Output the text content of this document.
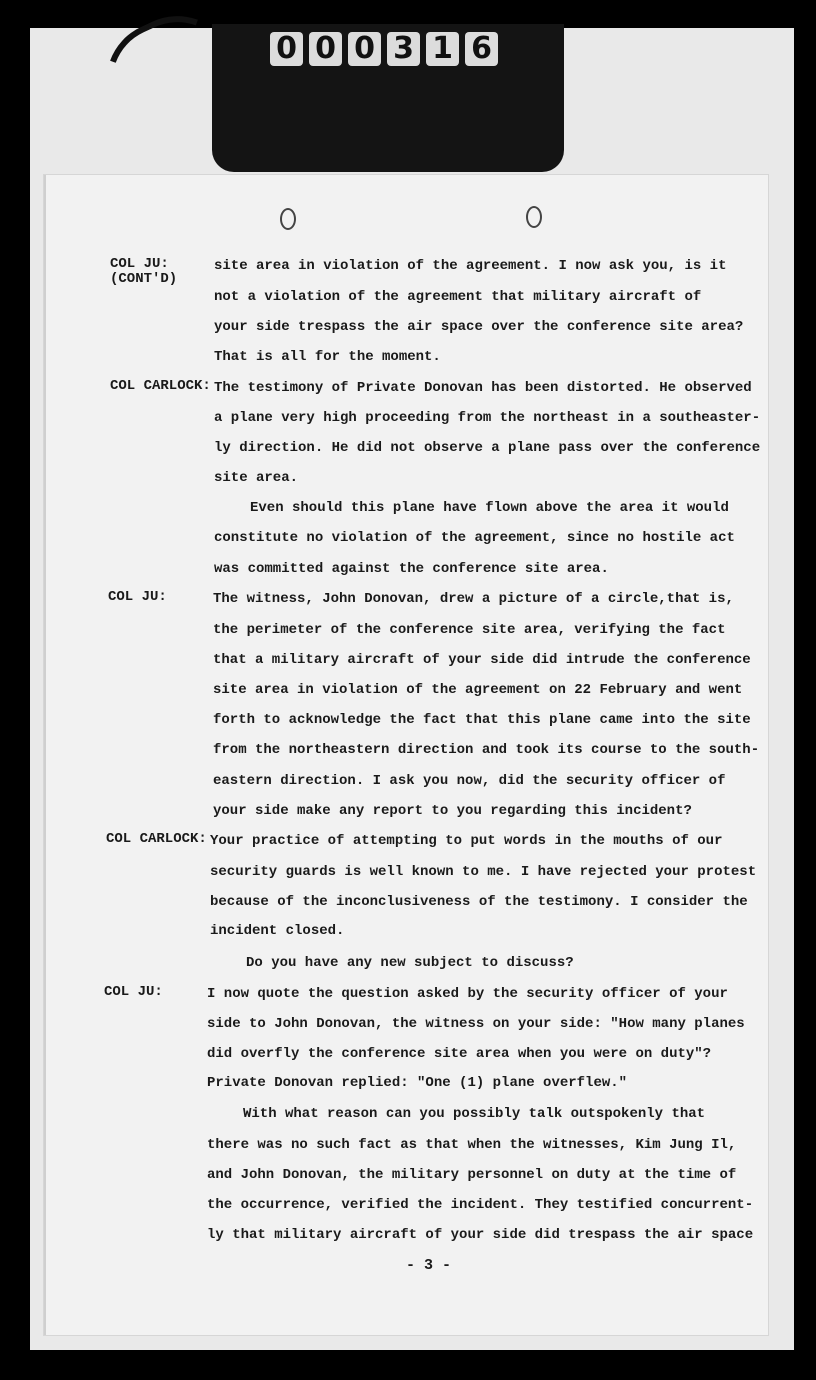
0 0 0 3 1 6
COL JU:
(CONT'D)
site area in violation of the agreement. I now ask you, is it
not a violation of the agreement that military aircraft of
your side trespass the air space over the conference site area?
That is all for the moment.
COL CARLOCK: The testimony of Private Donovan has been distorted. He observed
a plane very high proceeding from the northeast in a southeaster-
ly direction. He did not observe a plane pass over the conference
site area.
Even should this plane have flown above the area it would
constitute no violation of the agreement, since no hostile act
was committed against the conference site area.
COL JU:	The witness, John Donovan, drew a picture of a circle,that is,
the perimeter of the conference site area, verifying the fact
that a military aircraft of your side did intrude the conference
site area in violation of the agreement on 22 February and went
forth to acknowledge the fact that this plane came into the site
from the northeastern direction and took its course to the south-
eastern direction. I ask you now, did the security officer of
your side make any report to you regarding this incident?
COL CARLOCK: Your practice of attempting to put words in the mouths of our
security guards is well known to me. I have rejected your protest
because of the inconclusiveness of the testimony. I consider the
incident closed.
Do you have any new subject to discuss?
COL JU:	I now quote the question asked by the security officer of your
side to John Donovan, the witness on your side: "How many planes
did overfly the conference site area when you were on duty"?
Private Donovan replied: "One (1) plane overflew."
With what reason can you possibly talk outspokenly that
there was no such fact as that when the witnesses, Kim Jung Il,
and John Donovan, the military personnel on duty at the time of
the occurrence, verified the incident. They testified concurrent-
ly that military aircraft of your side did trespass the air space
- 3 -
